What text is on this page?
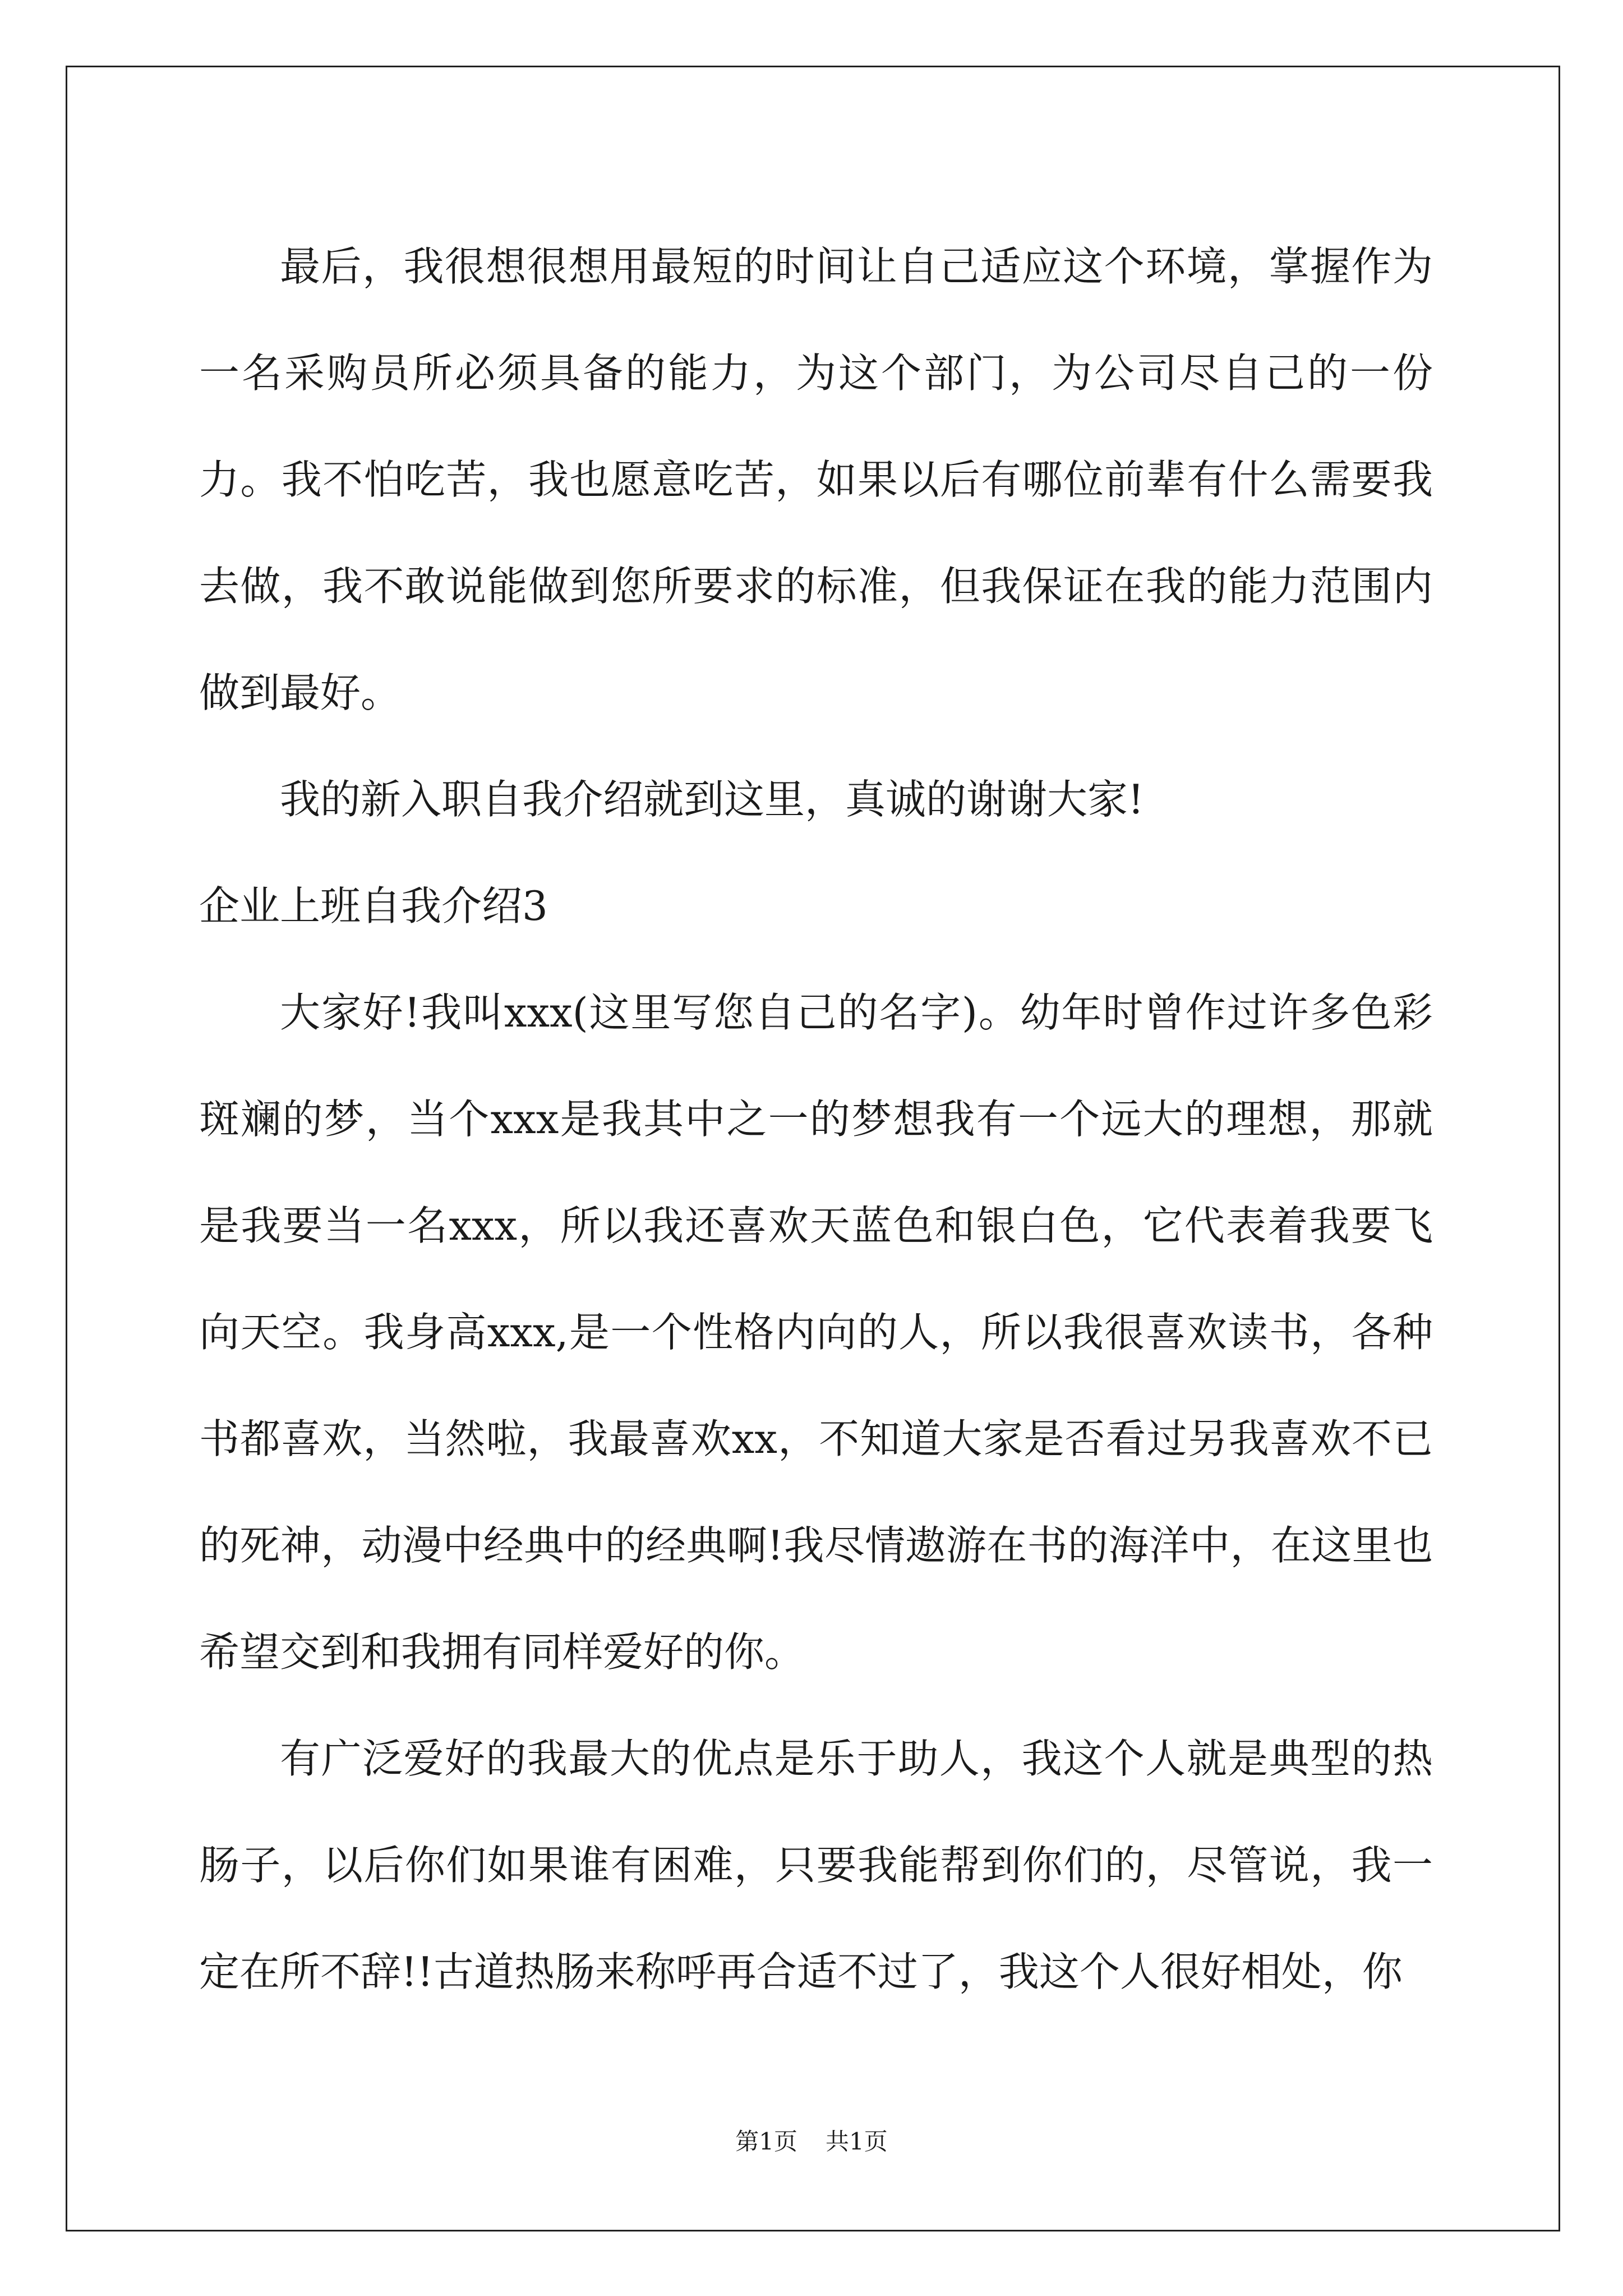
最后，我很想很想用最短的时间让自己适应这个环境，掌握作为一名采购员所必须具备的能力，为这个部门，为公司尽自己的一份力。我不怕吃苦，我也愿意吃苦，如果以后有哪位前辈有什么需要我去做，我不敢说能做到您所要求的标准，但我保证在我的能力范围内做到最好。

我的新入职自我介绍就到这里，真诚的谢谢大家!

企业上班自我介绍3

大家好!我叫xxx(这里写您自己的名字)。幼年时曾作过许多色彩斑斓的梦，当个xxx是我其中之一的梦想我有一个远大的理想，那就是我要当一名xxx，所以我还喜欢天蓝色和银白色，它代表着我要飞向天空。我身高xxx,是一个性格内向的人，所以我很喜欢读书，各种书都喜欢，当然啦，我最喜欢xx，不知道大家是否看过另我喜欢不已的死神，动漫中经典中的经典啊!我尽情遨游在书的海洋中，在这里也希望交到和我拥有同样爱好的你。

有广泛爱好的我最大的优点是乐于助人，我这个人就是典型的热肠子，以后你们如果谁有困难，只要我能帮到你们的，尽管说，我一定在所不辞!!古道热肠来称呼再合适不过了，我这个人很好相处，你

第1页 共1页
